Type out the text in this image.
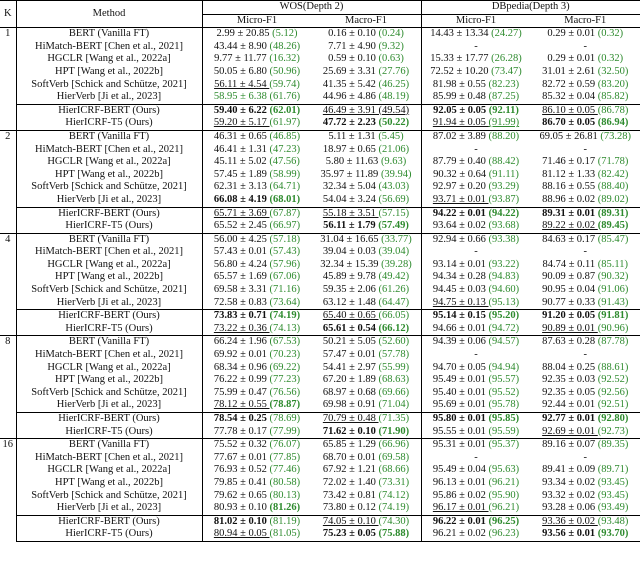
K	Method	WOS(Depth 2)		DBpedia(Depth 3)	
		Micro-F1	Macro-F1	Micro-F1	Macro-F1
1	BERT (Vanilla FT)	2.99 ± 20.85 (5.12)	0.16 ± 0.10 (0.24)	14.43 ± 13.34 (24.27)	0.29 ± 0.01 (0.32)
	HiMatch-BERT [Chen et al., 2021]	43.44 ± 8.90 (48.26)	7.71 ± 4.90 (9.32)	-	-
	HGCLR [Wang et al., 2022a]	9.77 ± 11.77 (16.32)	0.59 ± 0.10 (0.63)	15.33 ± 17.77 (26.28)	0.29 ± 0.01 (0.32)
	HPT [Wang et al., 2022b]	50.05 ± 6.80 (50.96)	25.69 ± 3.31 (27.76)	72.52 ± 10.20 (73.47)	31.01 ± 2.61 (32.50)
	SoftVerb [Schick and Schütze, 2021]	56.11 ± 4.54 (59.74)	41.35 ± 5.42 (46.25)	81.98 ± 0.55 (82.23)	82.72 ± 0.59 (83.20)
	HierVerb [Ji et al., 2023]	58.95 ± 6.38 (61.76)	44.96 ± 4.86 (48.19)	85.99 ± 0.48 (87.25)	85.32 ± 0.04 (85.82)
	HierICRF-BERT (Ours)	59.40 ± 6.22 (62.01)	46.49 ± 3.91 (49.54)	92.05 ± 0.05 (92.11)	86.10 ± 0.05 (86.78)
	HierICRF-T5 (Ours)	59.20 ± 5.17 (61.97)	47.72 ± 2.23 (50.22)	91.94 ± 0.05 (91.99)	86.70 ± 0.05 (86.94)
2	BERT (Vanilla FT)	46.31 ± 0.65 (46.85)	5.11 ± 1.31 (5.45)	87.02 ± 3.89 (88.20)	69.05 ± 26.81 (73.28)
	HiMatch-BERT [Chen et al., 2021]	46.41 ± 1.31 (47.23)	18.97 ± 0.65 (21.06)	-	-
	HGCLR [Wang et al., 2022a]	45.11 ± 5.02 (47.56)	5.80 ± 11.63 (9.63)	87.79 ± 0.40 (88.42)	71.46 ± 0.17 (71.78)
	HPT [Wang et al., 2022b]	57.45 ± 1.89 (58.99)	35.97 ± 11.89 (39.94)	90.32 ± 0.64 (91.11)	81.12 ± 1.33 (82.42)
	SoftVerb [Schick and Schütze, 2021]	62.31 ± 3.13 (64.71)	32.34 ± 5.04 (43.03)	92.97 ± 0.20 (93.29)	88.16 ± 0.55 (88.40)
	HierVerb [Ji et al., 2023]	66.08 ± 4.19 (68.01)	54.04 ± 3.24 (56.69)	93.71 ± 0.01 (93.87)	88.96 ± 0.02 (89.02)
	HierICRF-BERT (Ours)	65.71 ± 3.69 (67.87)	55.18 ± 3.51 (57.15)	94.22 ± 0.01 (94.22)	89.31 ± 0.01 (89.31)
	HierICRF-T5 (Ours)	65.52 ± 2.45 (66.97)	56.11 ± 1.79 (57.49)	93.64 ± 0.02 (93.68)	89.22 ± 0.02 (89.45)
4	BERT (Vanilla FT)	56.00 ± 4.25 (57.18)	31.04 ± 16.65 (33.77)	92.94 ± 0.66 (93.38)	84.63 ± 0.17 (85.47)
	HiMatch-BERT [Chen et al., 2021]	57.43 ± 0.01 (57.43)	39.04 ± 0.03 (39.04)	-	-
	HGCLR [Wang et al., 2022a]	56.80 ± 4.24 (57.96)	32.34 ± 15.39 (39.28)	93.14 ± 0.01 (93.22)	84.74 ± 0.11 (85.11)
	HPT [Wang et al., 2022b]	65.57 ± 1.69 (67.06)	45.89 ± 9.78 (49.42)	94.34 ± 0.28 (94.83)	90.09 ± 0.87 (90.32)
	SoftVerb [Schick and Schütze, 2021]	69.58 ± 3.31 (71.16)	59.35 ± 2.06 (61.26)	94.45 ± 0.03 (94.60)	90.95 ± 0.04 (91.06)
	HierVerb [Ji et al., 2023]	72.58 ± 0.83 (73.64)	63.12 ± 1.48 (64.47)	94.75 ± 0.13 (95.13)	90.77 ± 0.33 (91.43)
	HierICRF-BERT (Ours)	73.83 ± 0.71 (74.19)	65.40 ± 0.65 (66.05)	95.14 ± 0.15 (95.20)	91.20 ± 0.05 (91.81)
	HierICRF-T5 (Ours)	73.22 ± 0.36 (74.13)	65.61 ± 0.54 (66.12)	94.66 ± 0.01 (94.72)	90.89 ± 0.01 (90.96)
8	BERT (Vanilla FT)	66.24 ± 1.96 (67.53)	50.21 ± 5.05 (52.60)	94.39 ± 0.06 (94.57)	87.63 ± 0.28 (87.78)
	HiMatch-BERT [Chen et al., 2021]	69.92 ± 0.01 (70.23)	57.47 ± 0.01 (57.78)	-	-
	HGCLR [Wang et al., 2022a]	68.34 ± 0.96 (69.22)	54.41 ± 2.97 (55.99)	94.70 ± 0.05 (94.94)	88.04 ± 0.25 (88.61)
	HPT [Wang et al., 2022b]	76.22 ± 0.99 (77.23)	67.20 ± 1.89 (68.63)	95.49 ± 0.01 (95.57)	92.35 ± 0.03 (92.52)
	SoftVerb [Schick and Schütze, 2021]	75.99 ± 0.47 (76.56)	68.97 ± 0.68 (69.66)	95.40 ± 0.01 (95.52)	92.35 ± 0.05 (92.56)
	HierVerb [Ji et al., 2023]	78.12 ± 0.55 (78.87)	69.98 ± 0.91 (71.04)	95.69 ± 0.01 (95.78)	92.44 ± 0.01 (92.51)
	HierICRF-BERT (Ours)	78.54 ± 0.25 (78.69)	70.79 ± 0.48 (71.35)	95.80 ± 0.01 (95.85)	92.77 ± 0.01 (92.80)
	HierICRF-T5 (Ours)	77.78 ± 0.17 (77.99)	71.62 ± 0.10 (71.90)	95.55 ± 0.01 (95.59)	92.69 ± 0.01 (92.73)
16	BERT (Vanilla FT)	75.52 ± 0.32 (76.07)	65.85 ± 1.29 (66.96)	95.31 ± 0.01 (95.37)	89.16 ± 0.07 (89.35)
	HiMatch-BERT [Chen et al., 2021]	77.67 ± 0.01 (77.85)	68.70 ± 0.01 (69.58)	-	-
	HGCLR [Wang et al., 2022a]	76.93 ± 0.52 (77.46)	67.92 ± 1.21 (68.66)	95.49 ± 0.04 (95.63)	89.41 ± 0.09 (89.71)
	HPT [Wang et al., 2022b]	79.85 ± 0.41 (80.58)	72.02 ± 1.40 (73.31)	96.13 ± 0.01 (96.21)	93.34 ± 0.02 (93.45)
	SoftVerb [Schick and Schütze, 2021]	79.62 ± 0.65 (80.13)	73.42 ± 0.81 (74.12)	95.86 ± 0.02 (95.90)	93.32 ± 0.02 (93.45)
	HierVerb [Ji et al., 2023]	80.93 ± 0.10 (81.26)	73.80 ± 0.12 (74.19)	96.17 ± 0.01 (96.21)	93.28 ± 0.06 (93.49)
	HierICRF-BERT (Ours)	81.02 ± 0.10 (81.19)	74.05 ± 0.10 (74.30)	96.22 ± 0.01 (96.25)	93.36 ± 0.02 (93.48)
	HierICRF-T5 (Ours)	80.94 ± 0.05 (81.05)	75.23 ± 0.05 (75.88)	96.21 ± 0.02 (96.23)	93.56 ± 0.01 (93.70)
